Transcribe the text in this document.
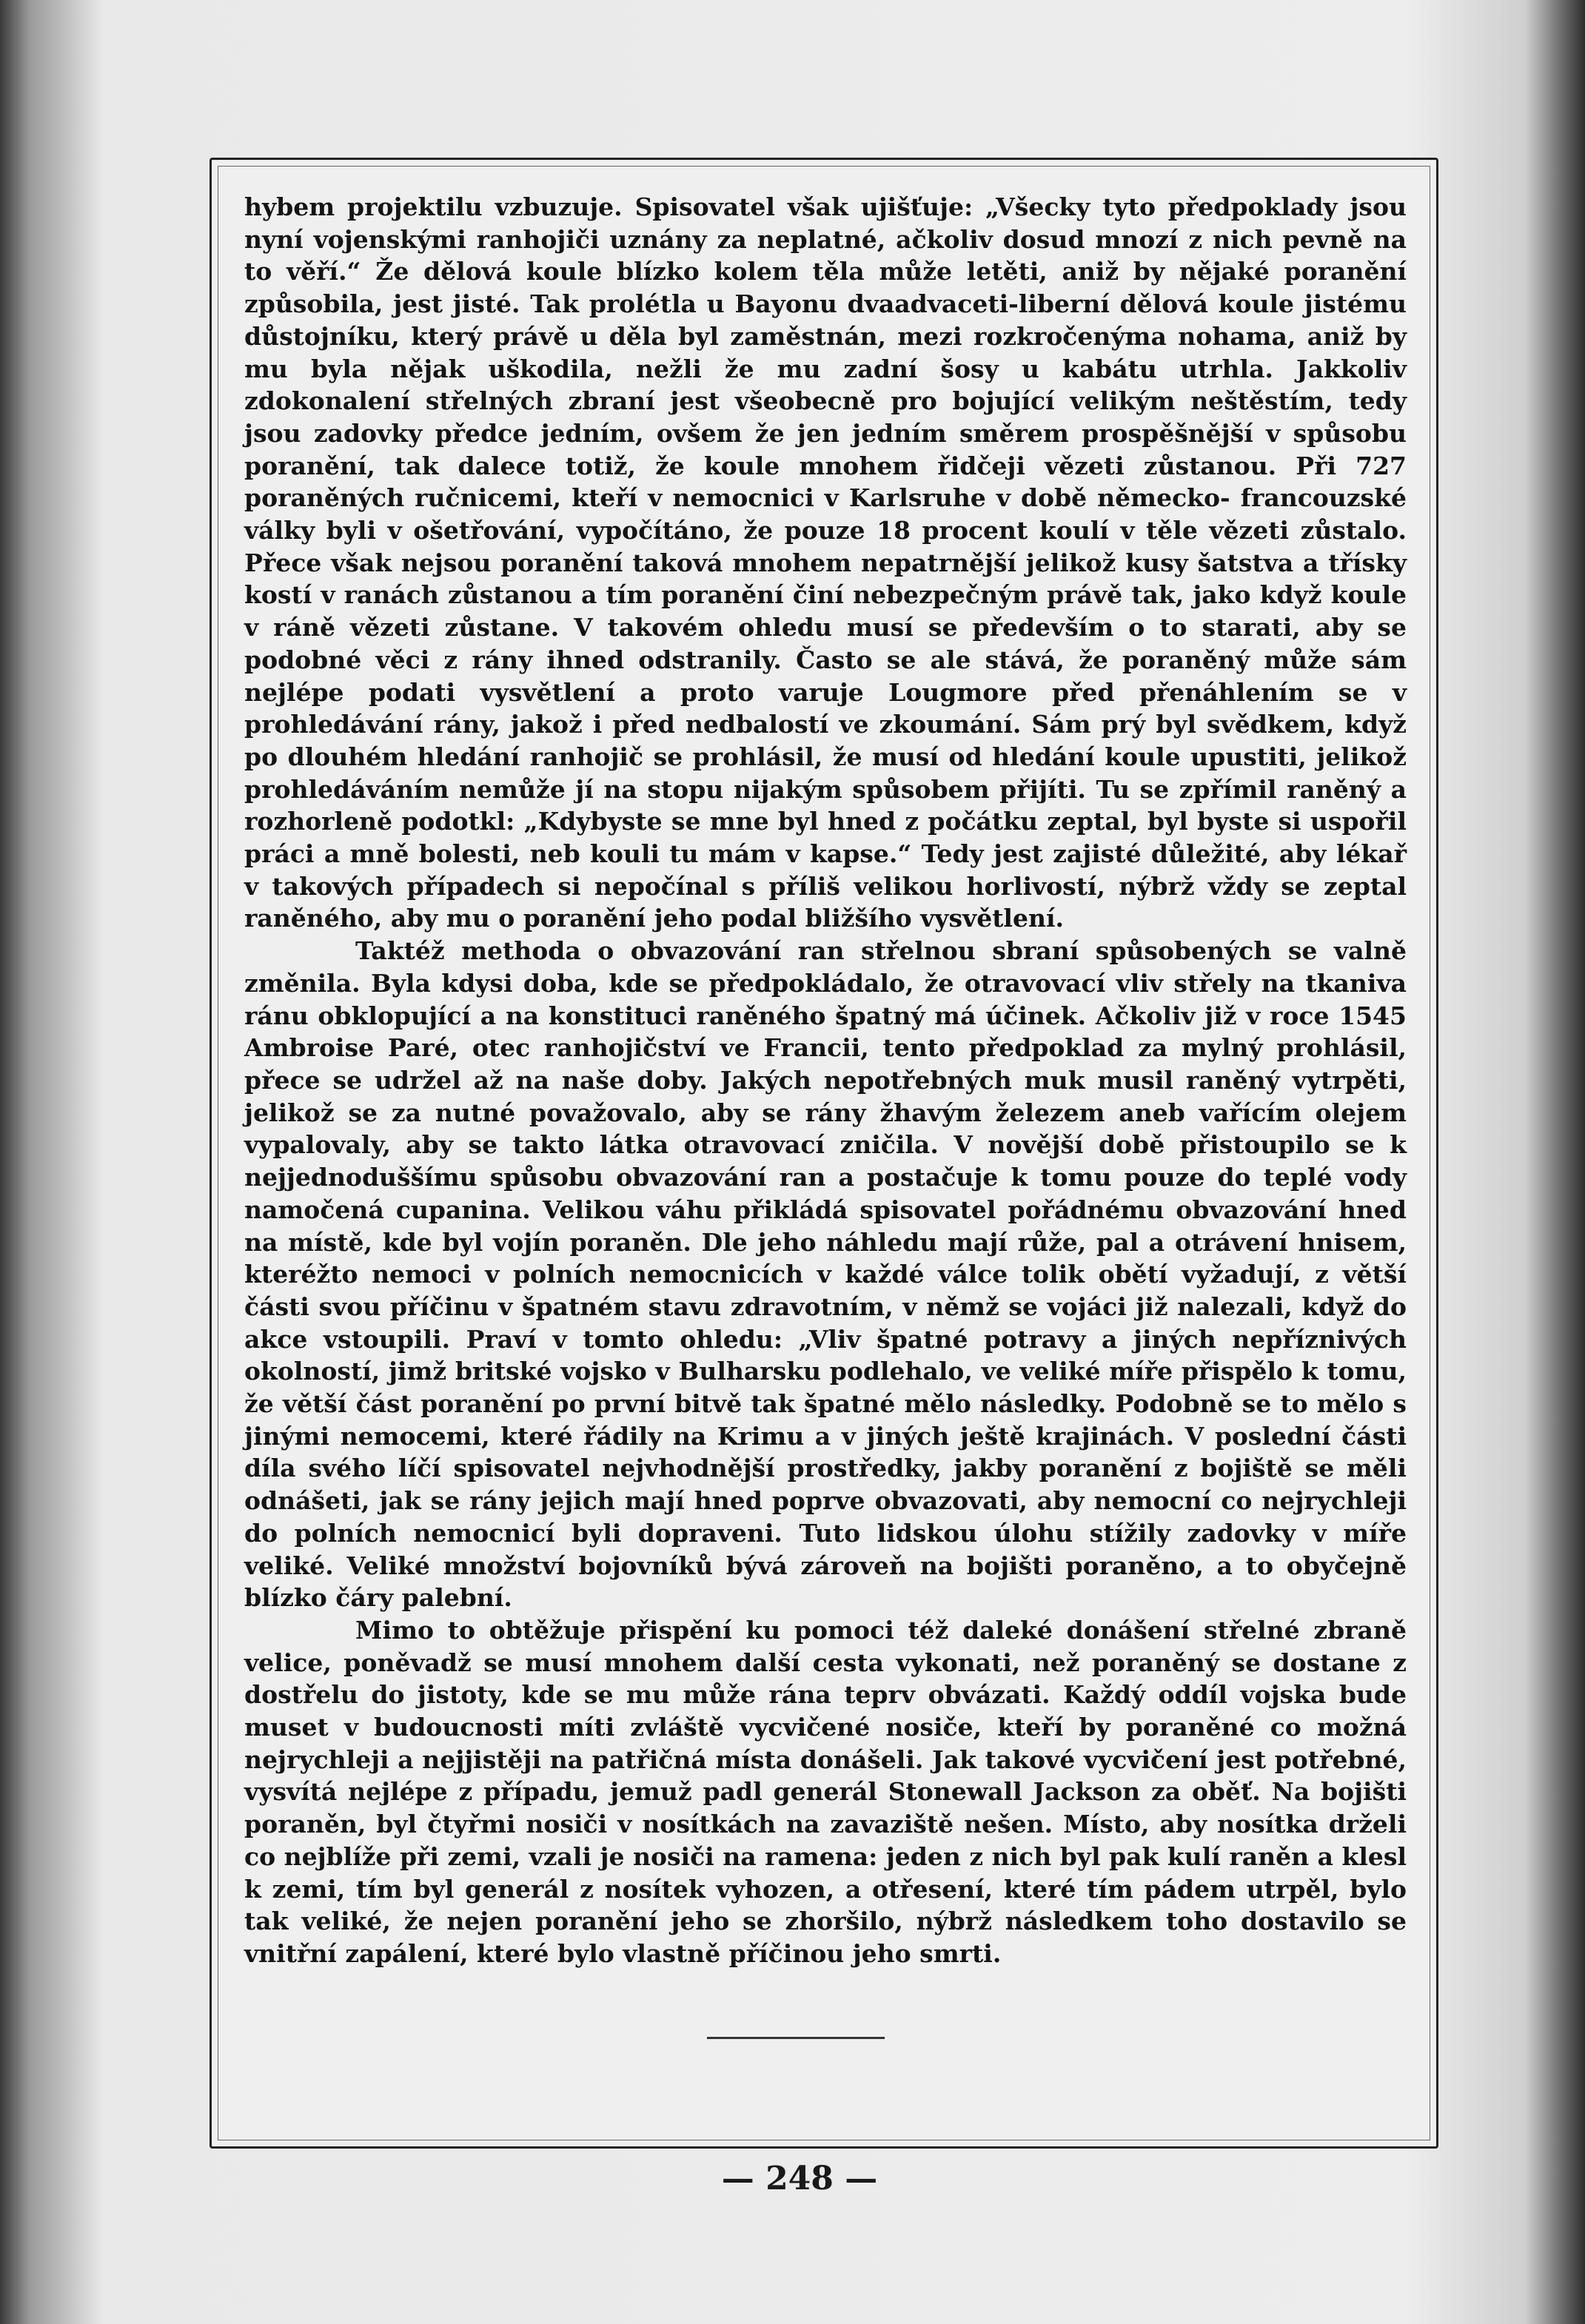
hybem projektilu vzbuzuje. Spisovatel však ujišťuje: „Všecky tyto předpoklady jsou nyní vojenskými ranhojiči uznány za neplatné, ačkoliv dosud mnozí z nich pevně na to věří.“ Že dělová koule blízko kolem těla může letěti, aniž by nějaké poranění způsobila, jest jisté. Tak prolétla u Bayonu dvaadvaceti-liberní dělová koule jistému důstojníku, který právě u děla byl zaměstnán, mezi rozkročenýma nohama, aniž by mu byla nějak uškodila, nežli že mu zadní šosy u kabátu utrhla. Jakkoliv zdokonalení střelných zbraní jest všeobecně pro bojující velikým neštěstím, tedy jsou zadovky předce jedním, ovšem že jen jedním směrem prospěšnější v spůsobu poranění, tak dalece totiž, že koule mnohem řidčeji vězeti zůstanou. Při 727 poraněných ručnicemi, kteří v nemocnici v Karlsruhe v době německo- francouzské války byli v ošetřování, vypočítáno, že pouze 18 procent koulí v těle vězeti zůstalo. Přece však nejsou poranění taková mnohem nepatrnější jelikož kusy šatstva a třísky kostí v ranách zůstanou a tím poranění činí nebezpečným právě tak, jako když koule v ráně vězeti zůstane. V takovém ohledu musí se především o to starati, aby se podobné věci z rány ihned odstranily. Často se ale stává, že poraněný může sám nejlépe podati vysvětlení a proto varuje Lougmore před přenáhlením se v prohledávání rány, jakož i před nedbalostí ve zkoumání. Sám prý byl svědkem, když po dlouhém hledání ranhojič se prohlásil, že musí od hledání koule upustiti, jelikož prohledáváním nemůže jí na stopu nijakým spůsobem přijíti. Tu se zpřímil raněný a rozhorleně podotkl: „Kdybyste se mne byl hned z počátku zeptal, byl byste si uspořil práci a mně bolesti, neb kouli tu mám v kapse.“ Tedy jest zajisté důležité, aby lékař v takových případech si nepočínal s příliš velikou horlivostí, nýbrž vždy se zeptal raněného, aby mu o poranění jeho podal bližšího vysvětlení.

Taktéž methoda o obvazování ran střelnou sbraní spůsobených se valně změnila. Byla kdysi doba, kde se předpokládalo, že otravovací vliv střely na tkaniva ránu obklopující a na konstituci raněného špatný má účinek. Ačkoliv již v roce 1545 Ambroise Paré, otec ranhojičství ve Francii, tento předpoklad za mylný prohlásil, přece se udržel až na naše doby. Jakých nepotřebných muk musil raněný vytrpěti, jelikož se za nutné považovalo, aby se rány žhavým železem aneb vařícím olejem vypalovaly, aby se takto látka otravovací zničila. V novější době přistoupilo se k nejjednoduššímu spůsobu obvazování ran a postačuje k tomu pouze do teplé vody namočená cupanina. Velikou váhu přikládá spisovatel pořádnému obvazování hned na místě, kde byl vojín poraněn. Dle jeho náhledu mají růže, pal a otrávení hnisem, kteréžto nemoci v polních nemocnicích v každé válce tolik obětí vyžadují, z větší části svou příčinu v špatném stavu zdravotním, v němž se vojáci již nalezali, když do akce vstoupili. Praví v tomto ohledu: „Vliv špatné potravy a jiných nepříznivých okolností, jimž britské vojsko v Bulharsku podlehalo, ve veliké míře přispělo k tomu, že větší část poranění po první bitvě tak špatné mělo následky. Podobně se to mělo s jinými nemocemi, které řádily na Krimu a v jiných ještě krajinách. V poslední části díla svého líčí spisovatel nejvhodnější prostředky, jakby poranění z bojiště se měli odnášeti, jak se rány jejich mají hned poprve obvazovati, aby nemocní co nejrychleji do polních nemocnicí byli dopraveni. Tuto lidskou úlohu stížily zadovky v míře veliké. Veliké množství bojovníků bývá zároveň na bojišti poraněno, a to obyčejně blízko čáry palební.

Mimo to obtěžuje přispění ku pomoci též daleké donášení střelné zbraně velice, poněvadž se musí mnohem další cesta vykonati, než poraněný se dostane z dostřelu do jistoty, kde se mu může rána teprv obvázati. Každý oddíl vojska bude muset v budoucnosti míti zvláště vycvičené nosiče, kteří by poraněné co možná nejrychleji a nejjistěji na patřičná místa donášeli. Jak takové vycvičení jest potřebné, vysvítá nejlépe z případu, jemuž padl generál Stonewall Jackson za oběť. Na bojišti poraněn, byl čtyřmi nosiči v nosítkách na zavaziště nešen. Místo, aby nosítka drželi co nejblíže při zemi, vzali je nosiči na ramena: jeden z nich byl pak kulí raněn a klesl k zemi, tím byl generál z nosítek vyhozen, a otřesení, které tím pádem utrpěl, bylo tak veliké, že nejen poranění jeho se zhoršilo, nýbrž následkem toho dostavilo se vnitřní zapálení, které bylo vlastně příčinou jeho smrti.

— 248 —
